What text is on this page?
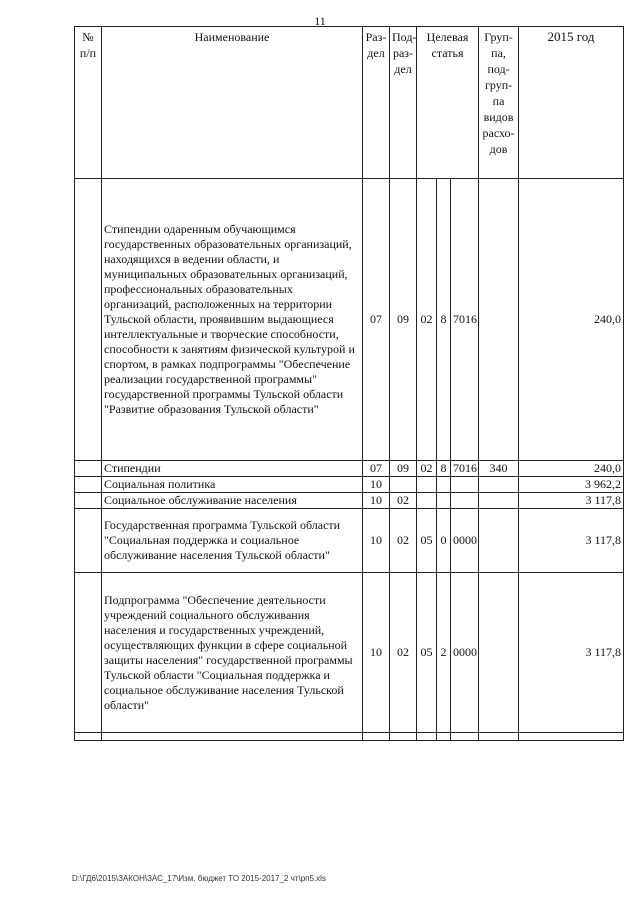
11
№ п/п	Наименование	Раз- дел	Под- раз- дел	Целевая статья			Груп- па, под- груп- па видов расхо- дов	2015 год
	Стипендии одаренным обучающимся государственных образовательных организаций, находящихся в ведении области, и муниципальных образовательных организаций, профессиональных образовательных организаций, расположенных на территории Тульской области, проявившим выдающиеся интеллектуальные и творческие способности, способности к занятиям физической культурой и спортом, в рамках подпрограммы "Обеспечение реализации государственной программы" государственной программы Тульской области "Развитие образования Тульской области"	07	09	02	8	7016		240,0
	Стипендии	07	09	02	8	7016	340	240,0
	Социальная политика	10						3 962,2
	Социальное обслуживание населения	10	02					3 117,8
	Государственная программа Тульской области "Социальная поддержка и социальное обслуживание населения Тульской области"	10	02	05	0	0000		3 117,8
	Подпрограмма "Обеспечение деятельности учреждений социального обслуживания населения и государственных учреждений, осуществляющих функции в сфере социальной защиты населения" государственной программы Тульской области "Социальная поддержка и социальное обслуживание населения Тульской области"	10	02	05	2	0000		3 117,8

D:\ГД6\2015\ЗАКОН\ЗАС_17\Изм. бюджет ТО 2015-2017_2 чт\рп5.xls
